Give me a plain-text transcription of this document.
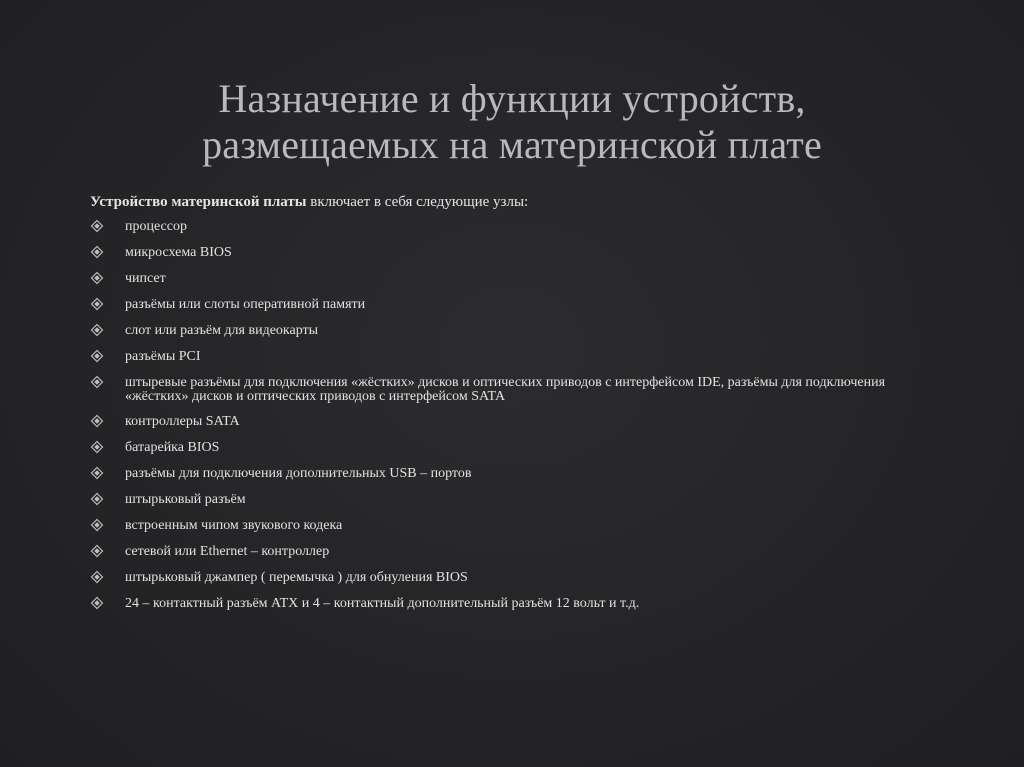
Назначение и функции устройств,
размещаемых на материнской плате
Устройство материнской платы включает в себя следующие узлы:
процессор
микросхема BIOS
чипсет
разъёмы или слоты оперативной памяти
слот или разъём для видеокарты
разъёмы PCI
штыревые разъёмы для подключения «жёстких» дисков и оптических приводов с интерфейсом IDE, разъёмы для подключения «жёстких» дисков и оптических приводов с интерфейсом SATA
контроллеры SATA
батарейка BIOS
разъёмы для подключения дополнительных USB – портов
штырьковый разъём
встроенным чипом звукового кодека
сетевой или Ethernet – контроллер
штырьковый джампер ( перемычка ) для обнуления BIOS
24 – контактный разъём ATX и 4 – контактный дополнительный разъём 12 вольт и т.д.
